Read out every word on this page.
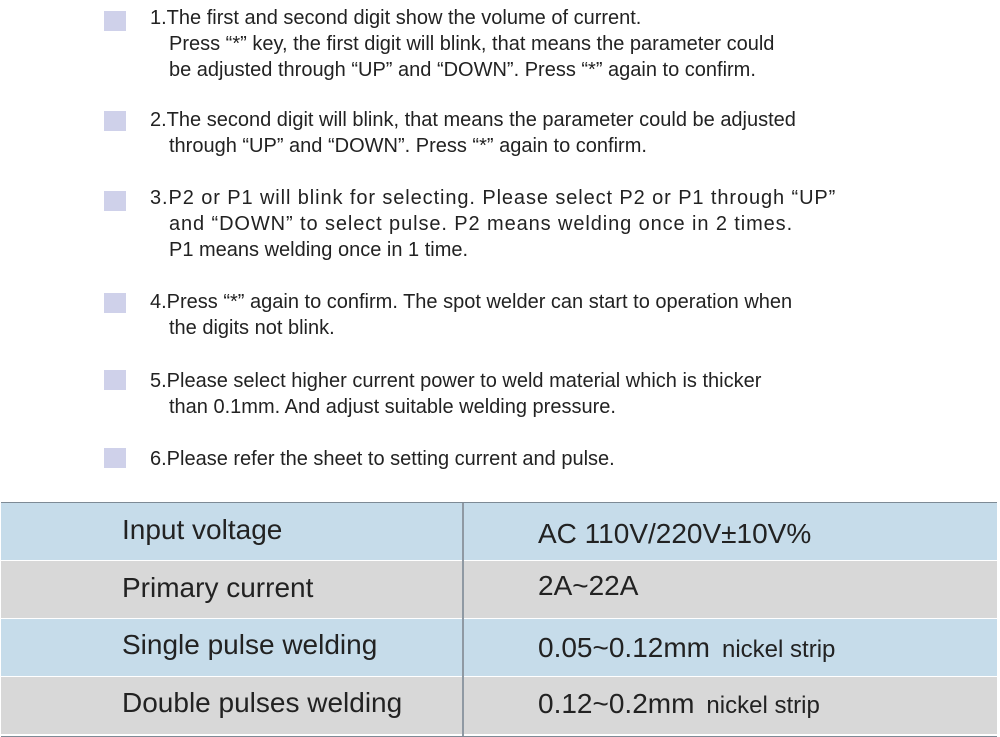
1.The first and second digit show the volume of current.
Press “*” key, the first digit will blink, that means the parameter could
be adjusted through “UP” and “DOWN”. Press “*” again to confirm.
2.The second digit will blink, that means the parameter could be adjusted
through “UP” and “DOWN”. Press “*” again to confirm.
3.P2 or P1 will blink for selecting. Please select P2 or P1 through “UP”
and “DOWN” to select pulse. P2 means welding once in 2 times.
P1 means welding once in 1 time.
4.Press “*” again to confirm. The spot welder can start to operation when
the digits not blink.
5.Please select higher current power to weld material which is thicker
than 0.1mm. And adjust suitable welding pressure.
6.Please refer the sheet to setting current and pulse.
Input voltage	AC 110V/220V±10V%
Primary current	2A~22A
Single pulse welding	0.05~0.12mm nickel strip
Double pulses welding	0.12~0.2mm nickel strip
